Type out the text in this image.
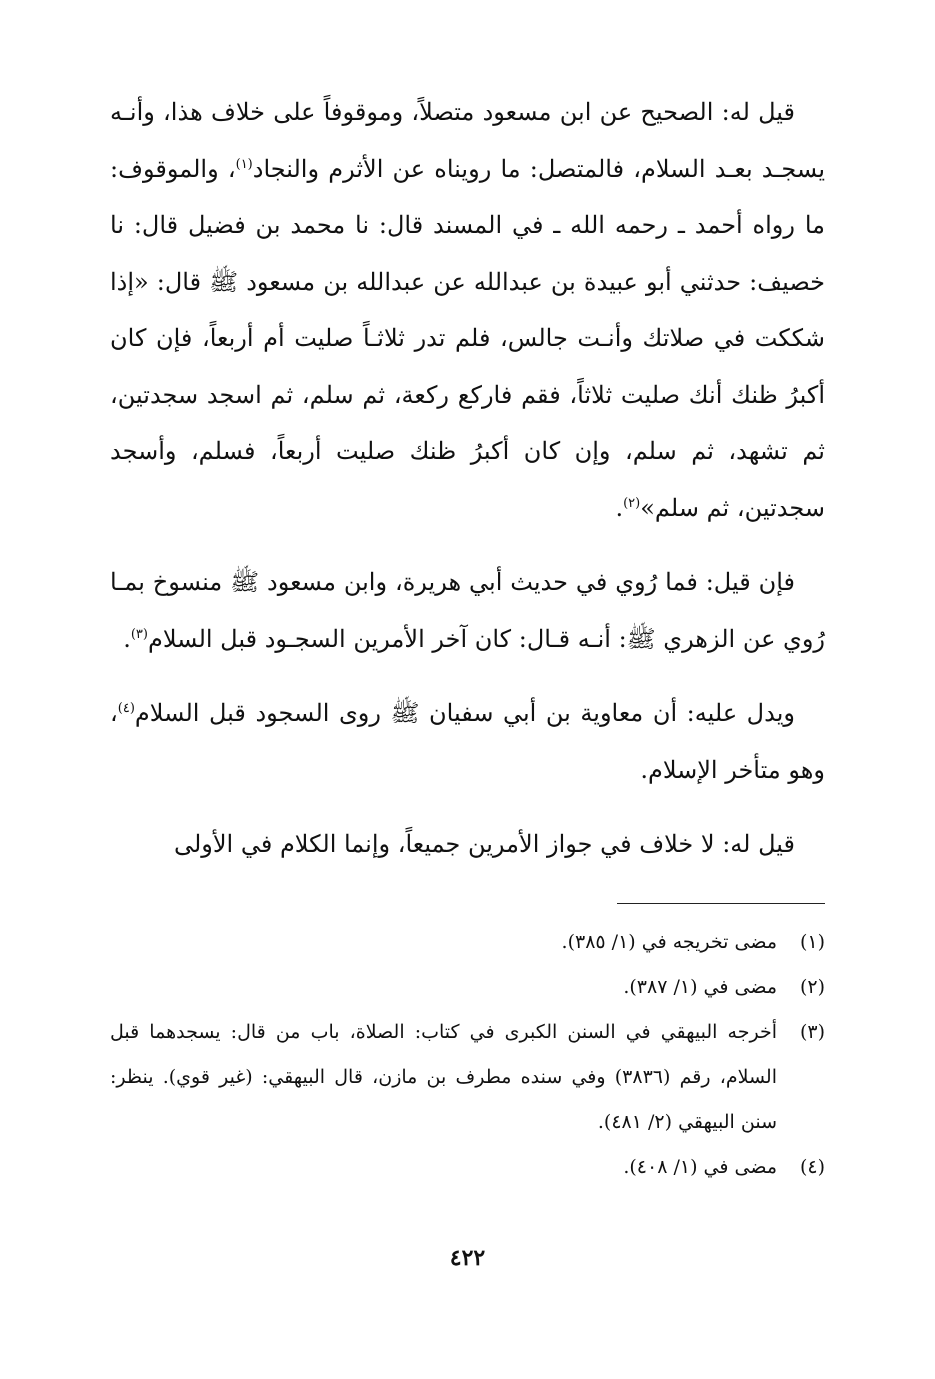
قيل له: الصحيح عن ابن مسعود متصلاً، وموقوفاً على خلاف هذا، وأنـه يسجـد بعـد السلام، فالمتصل: ما رويناه عن الأثرم والنجاد$^{(١)}$، والموقوف: ما رواه أحمد ـ رحمه الله ـ في المسند قال: نا محمد بن فضيل قال: نا خصيف: حدثني أبو عبيدة بن عبدالله عن عبدالله بن مسعود ﷺ قال: «إذا شككت في صلاتك وأنـت جالس، فلم تدر ثلاثـاً صليت أم أربعاً، فإن كان أكبرُ ظنك أنك صليت ثلاثاً، فقم فاركع ركعة، ثم سلم، ثم اسجد سجدتين، ثم تشهد، ثم سلم، وإن كان أكبرُ ظنك صليت أربعاً، فسلم، وأسجد سجدتين، ثم سلم»$^{(٢)}$.

فإن قيل: فما رُوي في حديث أبي هريرة، وابن مسعود ﷺ منسوخ بمـا رُوي عن الزهري ﷺ: أنـه قـال: كان آخر الأمرين السجـود قبل السلام$^{(٣)}$.

ويدل عليه: أن معاوية بن أبي سفيان ﷺ روى السجود قبل السلام$^{(٤)}$، وهو متأخر الإسلام.

قيل له: لا خلاف في جواز الأمرين جميعاً، وإنما الكلام في الأولى

(١)
مضى تخريجه في (١/ ٣٨٥).
(٢)
مضى في (١/ ٣٨٧).
(٣)
أخرجه البيهقي في السنن الكبرى في كتاب: الصلاة، باب من قال: يسجدهما قبل السلام، رقم (٣٨٣٦) وفي سنده مطرف بن مازن، قال البيهقي: (غير قوي). ينظر: سنن البيهقي (٢/ ٤٨١).
(٤)
مضى في (١/ ٤٠٨).
٤٢٢
